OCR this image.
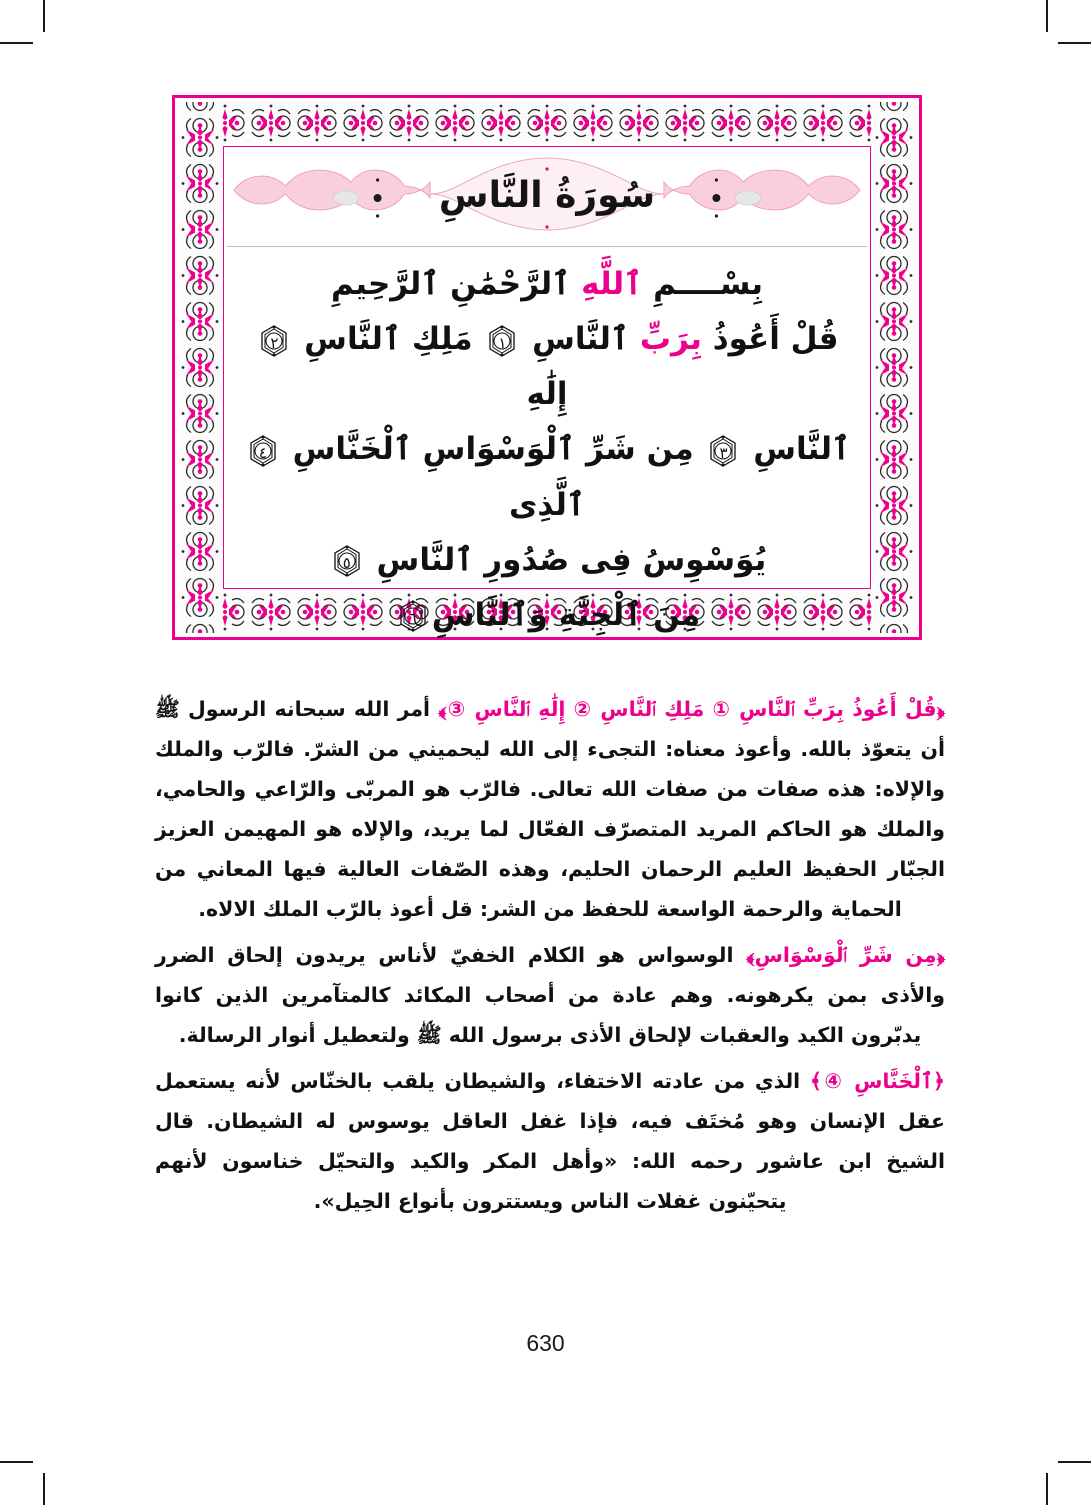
سُورَةُ النَّاسِ
بِسْــــمِ ٱللَّهِ ٱلرَّحْمَٰنِ ٱلرَّحِيمِ
قُلْ أَعُوذُ بِرَبِّ ٱلنَّاسِ
١ مَلِكِ ٱلنَّاسِ
٢ إِلَٰهِ
ٱلنَّاسِ
٣ مِن شَرِّ ٱلْوَسْوَاسِ ٱلْخَنَّاسِ
٤ ٱلَّذِى
يُوَسْوِسُ فِى صُدُورِ ٱلنَّاسِ
٥
مِنَ ٱلْجِنَّةِ وَٱلنَّاسِ
٦

﴿قُلْ أَعُوذُ بِرَبِّ ٱلنَّاسِ ① مَلِكِ ٱلنَّاسِ ② إِلَٰهِ ٱلنَّاسِ ③﴾ أمر الله سبحانه الرسول ﷺ أن يتعوّذ بالله. وأعوذ معناه: التجىء إلى الله ليحميني من الشرّ. فالرّب والملك والإلاه: هذه صفات من صفات الله تعالى. فالرّب هو المربّى والرّاعي والحامي، والملك هو الحاكم المريد المتصرّف الفعّال لما يريد، والإلاه هو المهيمن العزيز الجبّار الحفيظ العليم الرحمان الحليم، وهذه الصّفات العالية فيها المعاني من الحماية والرحمة الواسعة للحفظ من الشر: قل أعوذ بالرّب الملك الالاه.

﴿مِن شَرِّ ٱلْوَسْوَاسِ﴾ الوسواس هو الكلام الخفيّ لأناس يريدون إلحاق الضرر والأذى بمن يكرهونه. وهم عادة من أصحاب المكائد كالمتآمرين الذين كانوا يدبّرون الكيد والعقبات لإلحاق الأذى برسول الله ﷺ ولتعطيل أنوار الرسالة.

﴿ٱلْخَنَّاسِ ④﴾ الذي من عادته الاختفاء، والشيطان يلقب بالخنّاس لأنه يستعمل عقل الإنسان وهو مُختَف فيه، فإذا غفل العاقل يوسوس له الشيطان. قال الشيخ ابن عاشور رحمه الله: «وأهل المكر والكيد والتحيّل خناسون لأنهم يتحيّنون غفلات الناس ويستترون بأنواع الحِيل».

630
